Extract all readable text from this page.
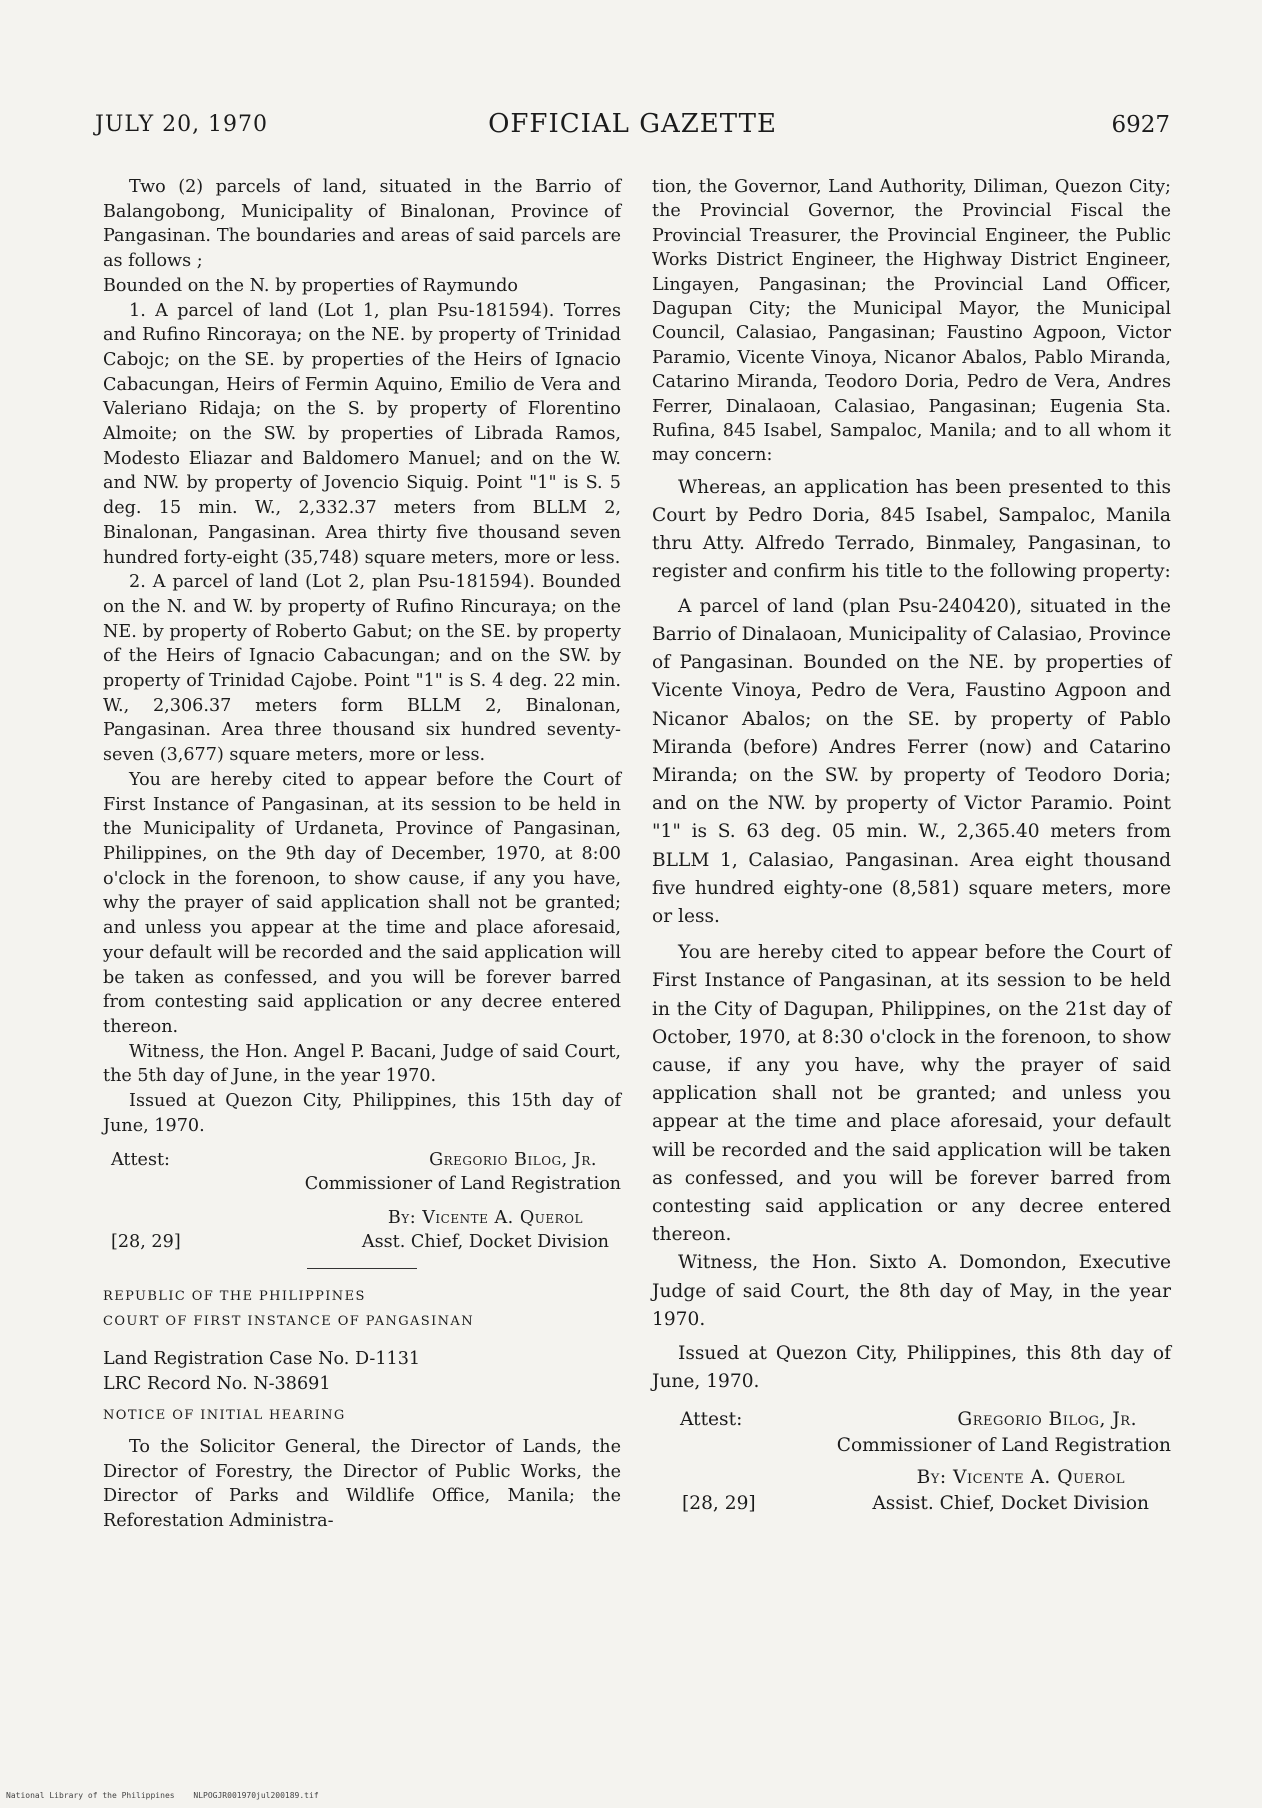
JULY 20, 1970	OFFICIAL GAZETTE	6927

Two (2) parcels of land, situated in the Barrio of Balangobong, Municipality of Binalonan, Province of Pangasinan. The boundaries and areas of said parcels are as follows ;

Bounded on the N. by properties of Raymundo

1. A parcel of land (Lot 1, plan Psu-181594). Torres and Rufino Rincoraya; on the NE. by property of Trinidad Cabojc; on the SE. by properties of the Heirs of Ignacio Cabacungan, Heirs of Fermin Aquino, Emilio de Vera and Valeriano Ridaja; on the S. by property of Florentino Almoite; on the SW. by properties of Librada Ramos, Modesto Eliazar and Baldomero Manuel; and on the W. and NW. by property of Jovencio Siquig. Point "1" is S. 5 deg. 15 min. W., 2,332.37 meters from BLLM 2, Binalonan, Pangasinan. Area thirty five thousand seven hundred forty-eight (35,748) square meters, more or less.

2. A parcel of land (Lot 2, plan Psu-181594). Bounded on the N. and W. by property of Rufino Rincuraya; on the NE. by property of Roberto Gabut; on the SE. by property of the Heirs of Ignacio Cabacungan; and on the SW. by property of Trinidad Cajobe. Point "1" is S. 4 deg. 22 min. W., 2,306.37 meters form BLLM 2, Binalonan, Pangasinan. Area three thousand six hundred seventy-seven (3,677) square meters, more or less.

You are hereby cited to appear before the Court of First Instance of Pangasinan, at its session to be held in the Municipality of Urdaneta, Province of Pangasinan, Philippines, on the 9th day of December, 1970, at 8:00 o'clock in the forenoon, to show cause, if any you have, why the prayer of said application shall not be granted; and unless you appear at the time and place aforesaid, your default will be recorded and the said application will be taken as confessed, and you will be forever barred from contesting said application or any decree entered thereon.

Witness, the Hon. Angel P. Bacani, Judge of said Court, the 5th day of June, in the year 1970.

Issued at Quezon City, Philippines, this 15th day of June, 1970.

Attest:	Gregorio Bilog, Jr.
Commissioner of Land Registration
By: Vicente A. Querol
[28, 29]	Asst. Chief, Docket Division

REPUBLIC OF THE PHILIPPINES

COURT OF FIRST INSTANCE OF PANGASINAN

Land Registration Case No. D-1131

LRC Record No. N-38691

NOTICE OF INITIAL HEARING

To the Solicitor General, the Director of Lands, the Director of Forestry, the Director of Public Works, the Director of Parks and Wildlife Office, Manila; the Reforestation Administra-

tion, the Governor, Land Authority, Diliman, Quezon City; the Provincial Governor, the Provincial Fiscal the Provincial Treasurer, the Provincial Engineer, the Public Works District Engineer, the Highway District Engineer, Lingayen, Pangasinan; the Provincial Land Officer, Dagupan City; the Municipal Mayor, the Municipal Council, Calasiao, Pangasinan; Faustino Agpoon, Victor Paramio, Vicente Vinoya, Nicanor Abalos, Pablo Miranda, Catarino Miranda, Teodoro Doria, Pedro de Vera, Andres Ferrer, Dinalaoan, Calasiao, Pangasinan; Eugenia Sta. Rufina, 845 Isabel, Sampaloc, Manila; and to all whom it may concern:

Whereas, an application has been presented to this Court by Pedro Doria, 845 Isabel, Sampaloc, Manila thru Atty. Alfredo Terrado, Binmaley, Pangasinan, to register and confirm his title to the following property:

A parcel of land (plan Psu-240420), situated in the Barrio of Dinalaoan, Municipality of Calasiao, Province of Pangasinan. Bounded on the NE. by properties of Vicente Vinoya, Pedro de Vera, Faustino Agpoon and Nicanor Abalos; on the SE. by property of Pablo Miranda (before) Andres Ferrer (now) and Catarino Miranda; on the SW. by property of Teodoro Doria; and on the NW. by property of Victor Paramio. Point "1" is S. 63 deg. 05 min. W., 2,365.40 meters from BLLM 1, Calasiao, Pangasinan. Area eight thousand five hundred eighty-one (8,581) square meters, more or less.

You are hereby cited to appear before the Court of First Instance of Pangasinan, at its session to be held in the City of Dagupan, Philippines, on the 21st day of October, 1970, at 8:30 o'clock in the forenoon, to show cause, if any you have, why the prayer of said application shall not be granted; and unless you appear at the time and place aforesaid, your default will be recorded and the said application will be taken as confessed, and you will be forever barred from contesting said application or any decree entered thereon.

Witness, the Hon. Sixto A. Domondon, Executive Judge of said Court, the 8th day of May, in the year 1970.

Issued at Quezon City, Philippines, this 8th day of June, 1970.

Attest:	Gregorio Bilog, Jr.
Commissioner of Land Registration
By: Vicente A. Querol
[28, 29]	Assist. Chief, Docket Division
National Library of the Philippines NLPOGJR001970jul200189.tif
